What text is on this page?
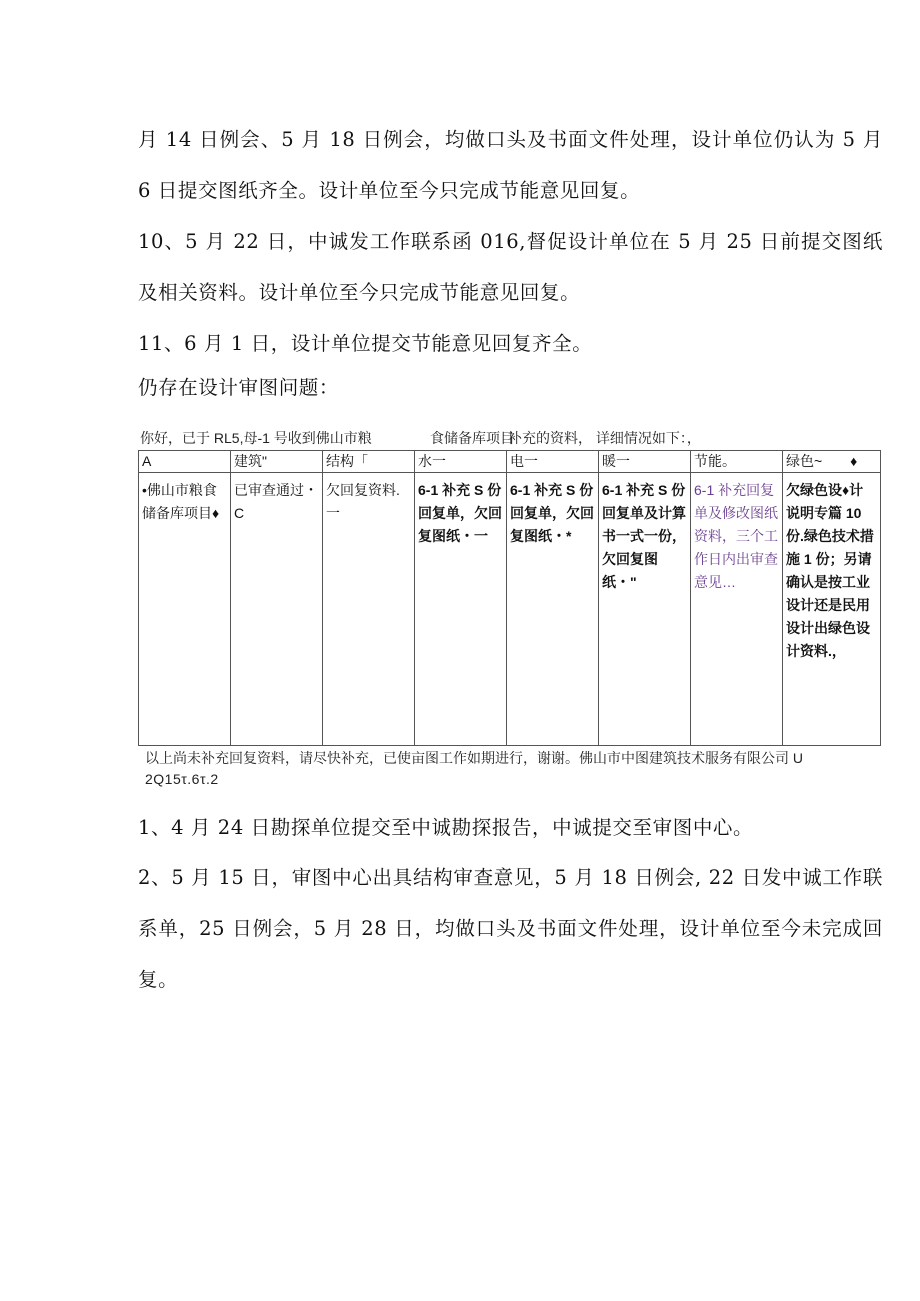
月 14 日例会、5 月 18 日例会，均做口头及书面文件处理，设计单位仍认为 5 月 6 日提交图纸齐全。设计单位至今只完成节能意见回复。

10、5 月 22 日，中诚发工作联系函 016,督促设计单位在 5 月 25 日前提交图纸及相关资料。设计单位至今只完成节能意见回复。

11、6 月 1 日，设计单位提交节能意见回复齐全。

仍存在设计审图问题：

你好，已于 RL5,母-1 号收到佛山市粮	食储备库项目
补充的资料， 详细情况如下：，
A	建筑"	结构「	水一	电一	暖一	节能。	绿色~　　♦
•佛山市粮食储备库项目♦	已审查通过・C	欠回复资料.一	6-1 补充 S 份回复单，欠回复图纸・一	6-1 补充 S 份回复单，欠回复图纸・*	6-1 补充 S 份回复单及计算书一式一份，欠回复图纸・"	6-1 补充回复单及修改图纸资料，三个工作日内出审查意见…	欠绿色设♦计说明专篇 10 份.绿色技术措施 1 份；另请确认是按工业设计还是民用设计出绿色设计资料.，
以上尚未补充回复资料，请尽快补充，已使亩图工作如期进行，谢谢。佛山市中图建筑技术服务有限公司 U
2Q15τ.6τ.2

1、4 月 24 日勘探单位提交至中诚勘探报告，中诚提交至审图中心。

2、5 月 15 日，审图中心出具结构审查意见，5 月 18 日例会, 22 日发中诚工作联系单，25 日例会，5 月 28 日，均做口头及书面文件处理，设计单位至今未完成回复。
